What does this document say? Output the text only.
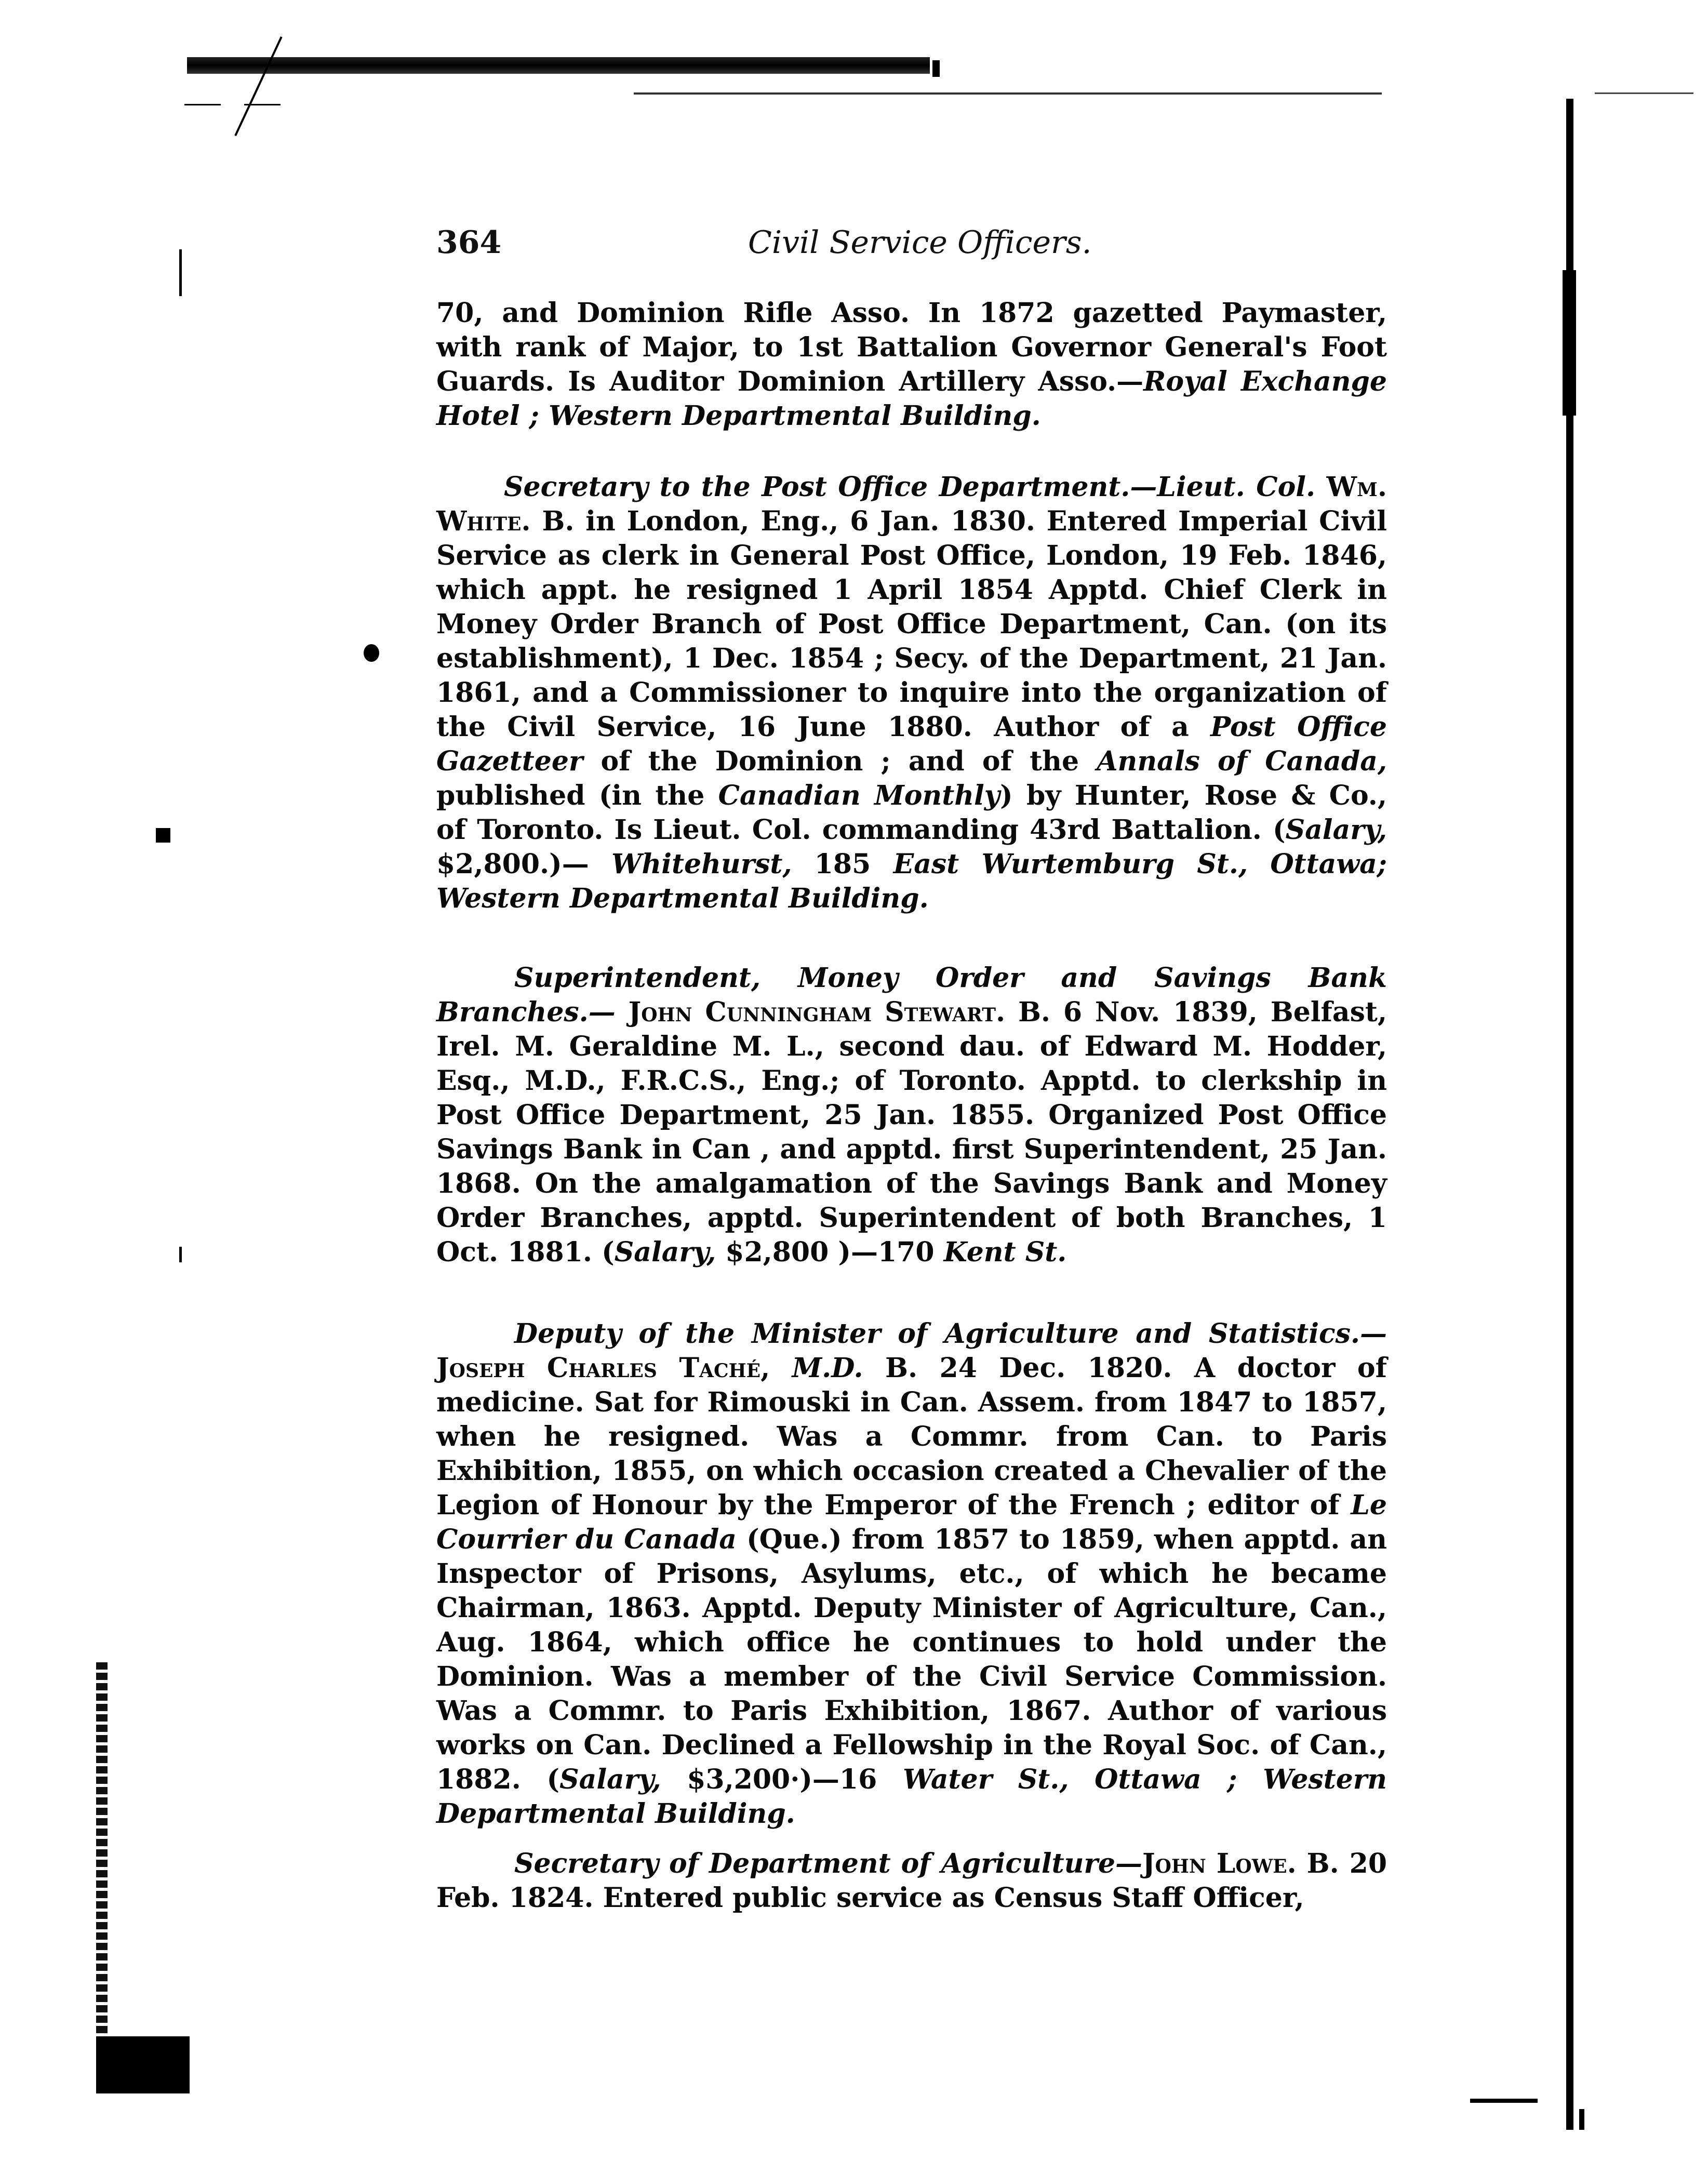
364	Civil Service Officers.

70, and Dominion Rifle Asso. In 1872 gazetted Paymaster, with rank of Major, to 1st Battalion Governor General's Foot Guards. Is Auditor Dominion Artillery Asso.—Royal Exchange Hotel ; Western Departmental Building.

Secretary to the Post Office Department.—Lieut. Col. Wm. White. B. in London, Eng., 6 Jan. 1830. Entered Imperial Civil Service as clerk in General Post Office, London, 19 Feb. 1846, which appt. he resigned 1 April 1854 Apptd. Chief Clerk in Money Order Branch of Post Office Department, Can. (on its establishment), 1 Dec. 1854 ; Secy. of the Department, 21 Jan. 1861, and a Commissioner to inquire into the organization of the Civil Service, 16 June 1880. Author of a Post Office Gazetteer of the Dominion ; and of the Annals of Canada, published (in the Canadian Monthly) by Hunter, Rose & Co., of Toronto. Is Lieut. Col. commanding 43rd Battalion. (Salary, $2,800.)— Whitehurst, 185 East Wurtemburg St., Ottawa; Western Departmental Building.

Superintendent, Money Order and Savings Bank Branches.— John Cunningham Stewart. B. 6 Nov. 1839, Belfast, Irel. M. Geraldine M. L., second dau. of Edward M. Hodder, Esq., M.D., F.R.C.S., Eng.; of Toronto. Apptd. to clerkship in Post Office Department, 25 Jan. 1855. Organized Post Office Savings Bank in Can , and apptd. first Superintendent, 25 Jan. 1868. On the amalgamation of the Savings Bank and Money Order Branches, apptd. Superintendent of both Branches, 1 Oct. 1881. (Salary, $2,800 )—170 Kent St.

Deputy of the Minister of Agriculture and Statistics.— Joseph Charles Taché, M.D. B. 24 Dec. 1820. A doctor of medicine. Sat for Rimouski in Can. Assem. from 1847 to 1857, when he resigned. Was a Commr. from Can. to Paris Exhibition, 1855, on which occasion created a Chevalier of the Legion of Honour by the Emperor of the French ; editor of Le Courrier du Canada (Que.) from 1857 to 1859, when apptd. an Inspector of Prisons, Asylums, etc., of which he became Chairman, 1863. Apptd. Deputy Minister of Agriculture, Can., Aug. 1864, which office he continues to hold under the Dominion. Was a member of the Civil Service Commission. Was a Commr. to Paris Exhibition, 1867. Author of various works on Can. Declined a Fellowship in the Royal Soc. of Can., 1882. (Salary, $3,200·)—16 Water St., Ottawa ; Western Departmental Building.

Secretary of Department of Agriculture—John Lowe. B. 20 Feb. 1824. Entered public service as Census Staff Officer,
